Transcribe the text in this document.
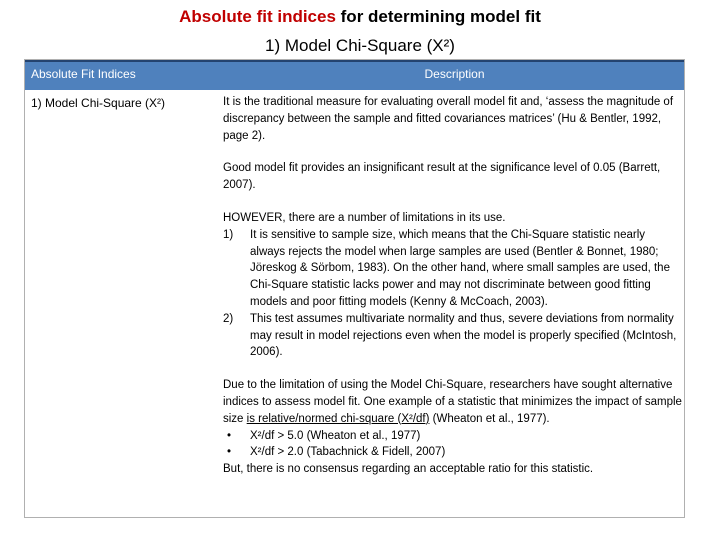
Absolute fit indices for determining model fit
1) Model Chi-Square (X²)
Absolute Fit Indices	Description
1) Model Chi-Square (X²)	It is the traditional measure for evaluating overall model fit and, ‘assess the magnitude of discrepancy between the sample and fitted covariances matrices’ (Hu & Bentler, 1992, page 2).

Good model fit provides an insignificant result at the significance level of 0.05 (Barrett, 2007).

HOWEVER, there are a number of limitations in its use.

1) It is sensitive to sample size, which means that the Chi-Square statistic nearly always rejects the model when large samples are used (Bentler & Bonnet, 1980; Jöreskog & Sörbom, 1983). On the other hand, where small samples are used, the Chi-Square statistic lacks power and may not discriminate between good fitting models and poor fitting models (Kenny & McCoach, 2003).
2) This test assumes multivariate normality and thus, severe deviations from normality may result in model rejections even when the model is properly specified (McIntosh, 2006).

Due to the limitation of using the Model Chi-Square, researchers have sought alternative indices to assess model fit. One example of a statistic that minimizes the impact of sample size is relative/normed chi-square (X²/df) (Wheaton et al., 1977).

• X²/df > 5.0 (Wheaton et al., 1977)
• X²/df > 2.0 (Tabachnick & Fidell, 2007)

But, there is no consensus regarding an acceptable ratio for this statistic.
